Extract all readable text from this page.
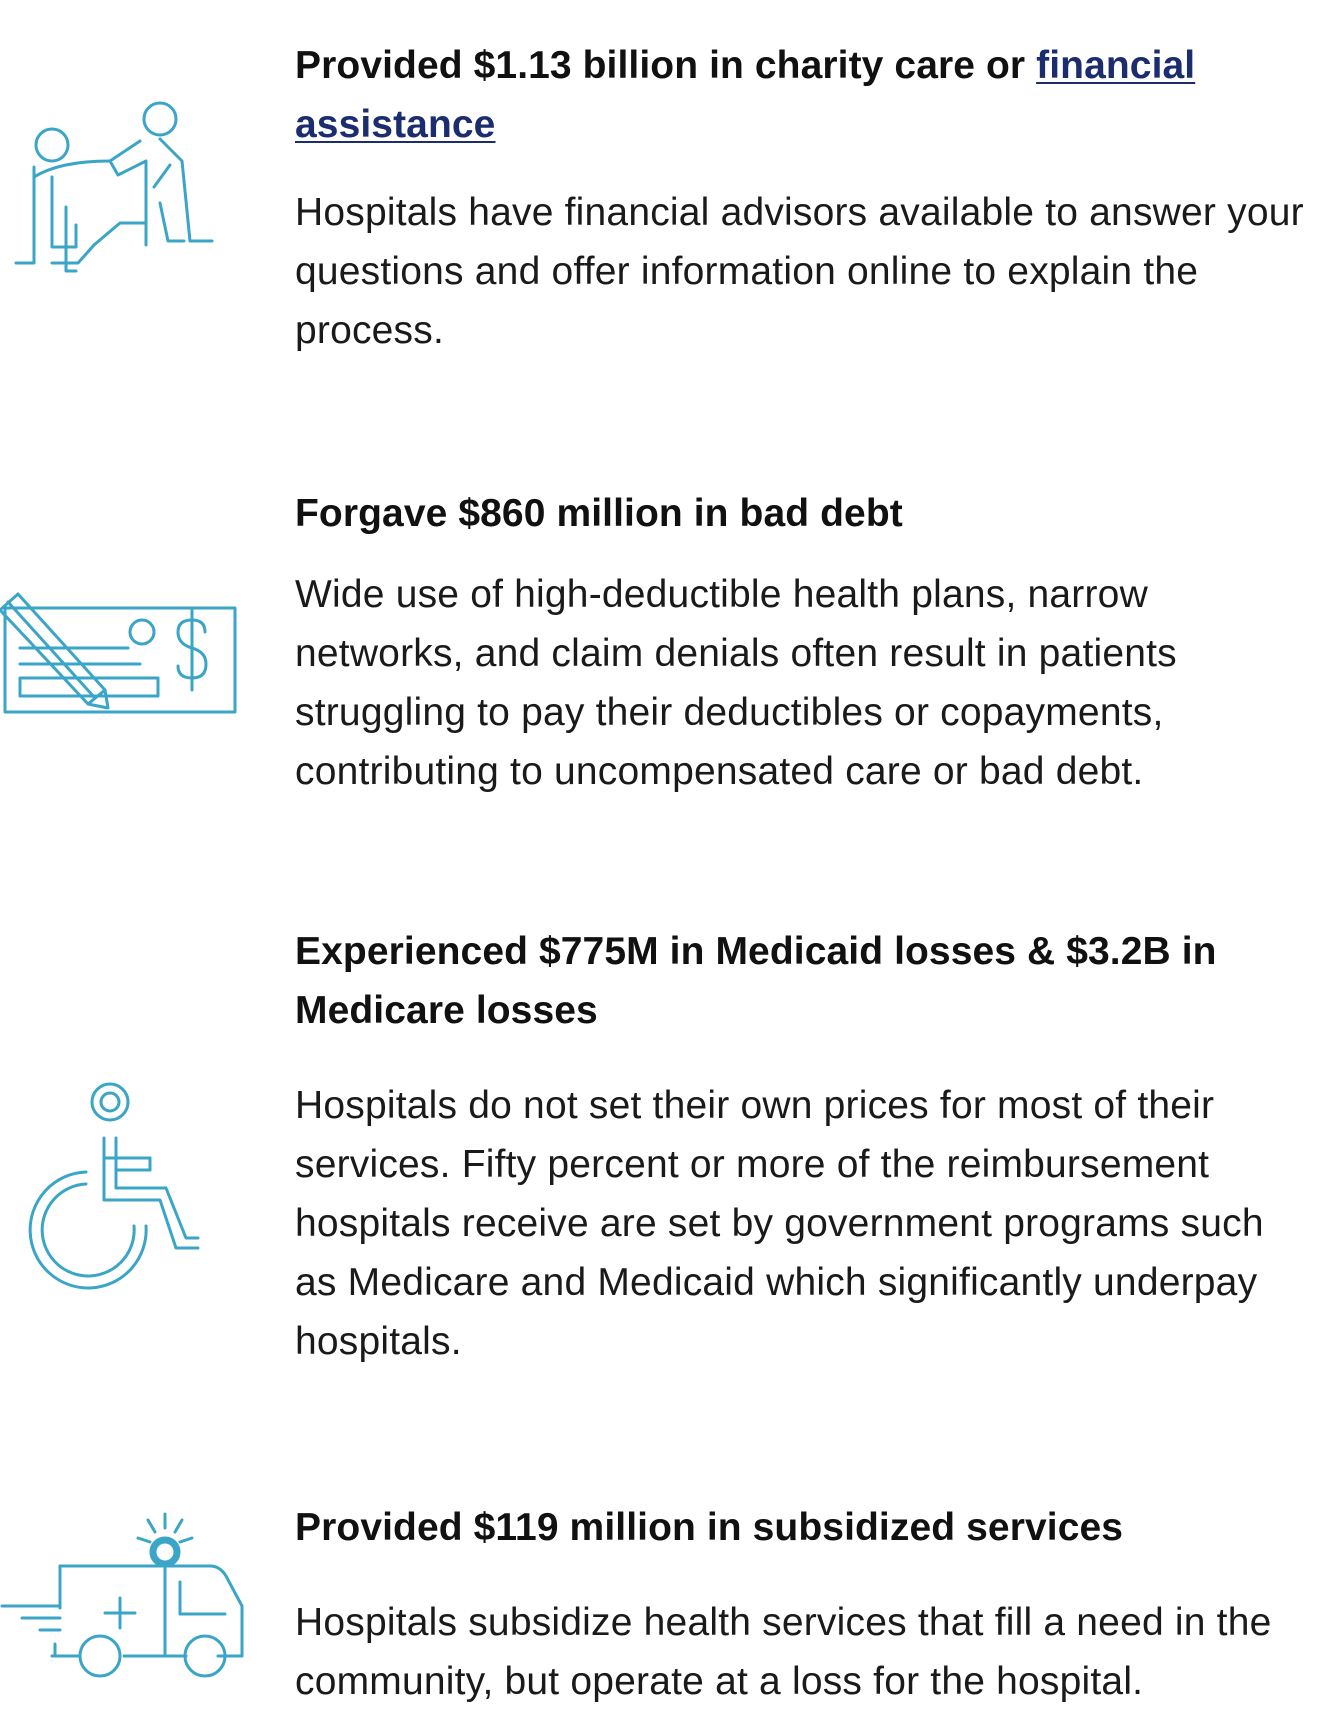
Provided $1.13 billion in charity care or financial assistance

Hospitals have financial advisors available to answer your questions and offer information online to explain the process.

Forgave $860 million in bad debt

Wide use of high-deductible health plans, narrow networks, and claim denials often result in patients struggling to pay their deductibles or copayments, contributing to uncompensated care or bad debt.

Experienced $775M in Medicaid losses & $3.2B in Medicare losses

Hospitals do not set their own prices for most of their services. Fifty percent or more of the reimbursement hospitals receive are set by government programs such as Medicare and Medicaid which significantly underpay hospitals.

Provided $119 million in subsidized services

Hospitals subsidize health services that fill a need in the community, but operate at a loss for the hospital.
